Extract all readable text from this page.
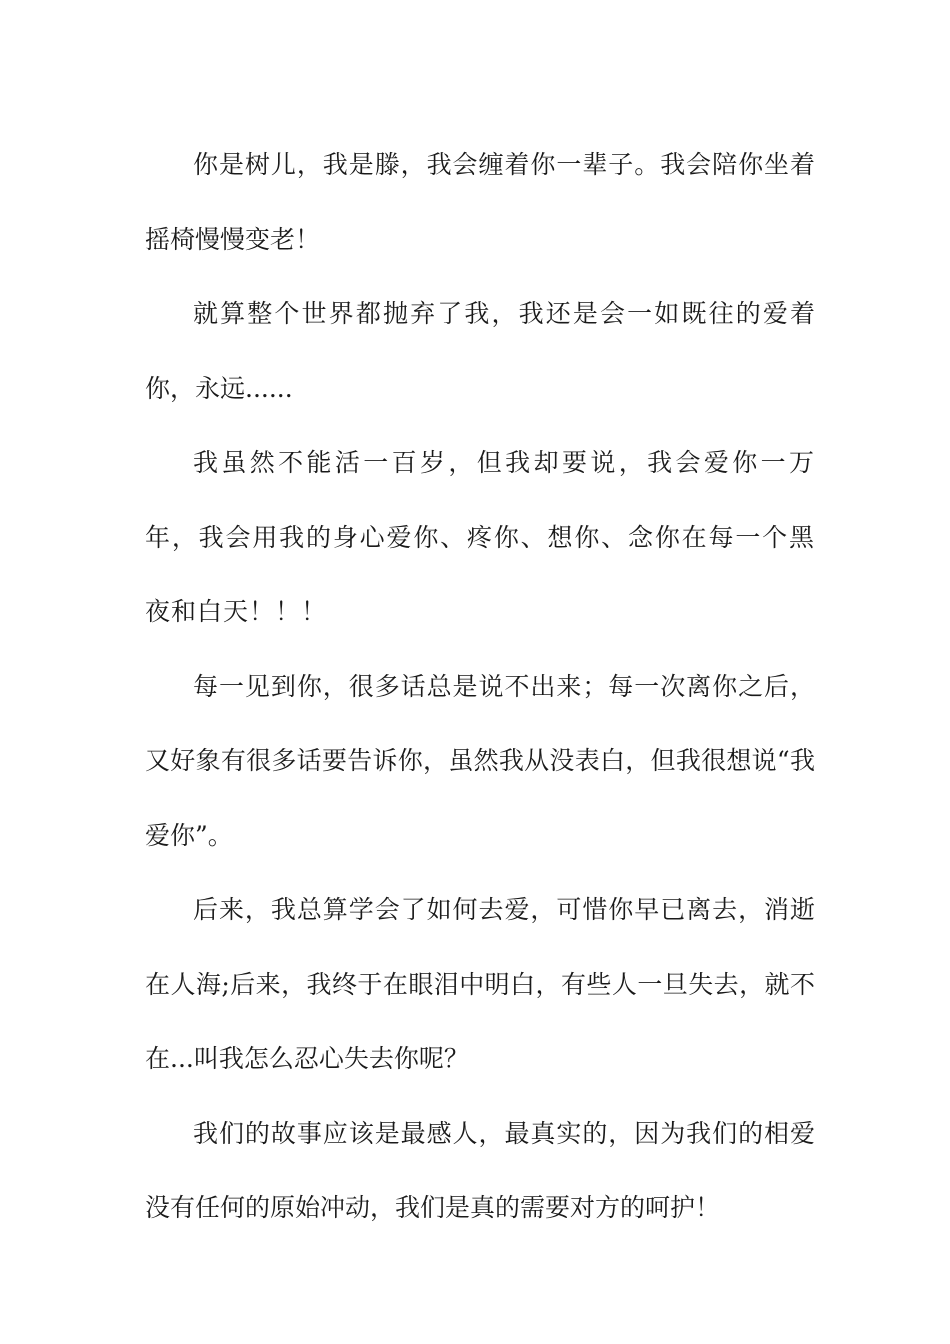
你是树儿，我是滕，我会缠着你一辈子。我会陪你坐着摇椅慢慢变老！

就算整个世界都抛弃了我，我还是会一如既往的爱着你，永远......

我虽然不能活一百岁，但我却要说，我会爱你一万年，我会用我的身心爱你、疼你、想你、念你在每一个黑夜和白天！！！

每一见到你，很多话总是说不出来；每一次离你之后，又好象有很多话要告诉你，虽然我从没表白，但我很想说“我爱你”。

后来，我总算学会了如何去爱，可惜你早已离去，消逝在人海;后来，我终于在眼泪中明白，有些人一旦失去，就不在...叫我怎么忍心失去你呢？

我们的故事应该是最感人，最真实的，因为我们的相爱没有任何的原始冲动，我们是真的需要对方的呵护！
